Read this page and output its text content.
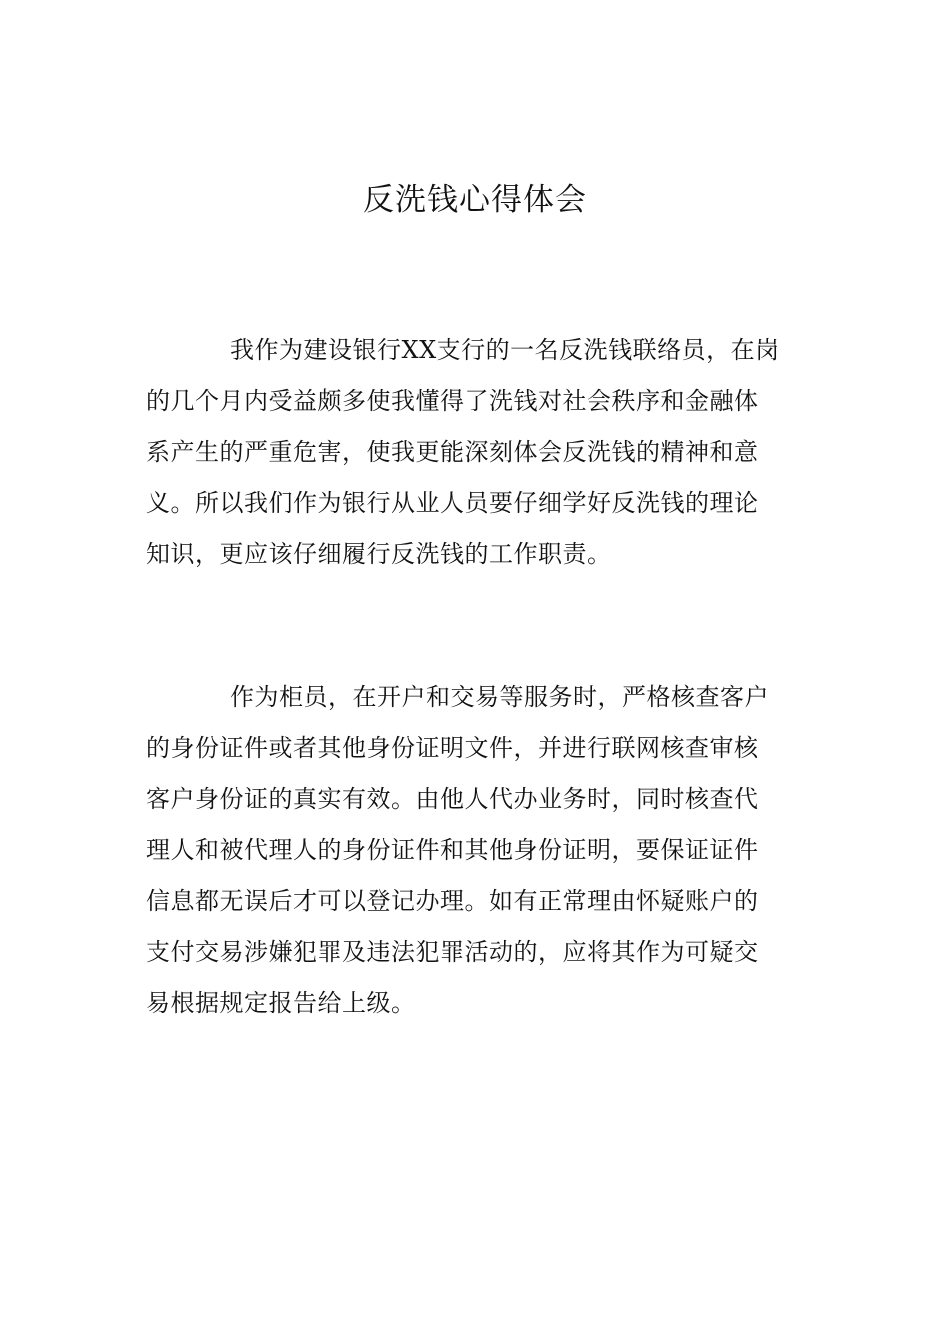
反洗钱心得体会
我作为建设银行XX支行的一名反洗钱联络员，在岗
的几个月内受益颇多使我懂得了洗钱对社会秩序和金融体
系产生的严重危害，使我更能深刻体会反洗钱的精神和意
义。所以我们作为银行从业人员要仔细学好反洗钱的理论
知识，更应该仔细履行反洗钱的工作职责。
作为柜员，在开户和交易等服务时，严格核查客户
的身份证件或者其他身份证明文件，并进行联网核查审核
客户身份证的真实有效。由他人代办业务时，同时核查代
理人和被代理人的身份证件和其他身份证明，要保证证件
信息都无误后才可以登记办理。如有正常理由怀疑账户的
支付交易涉嫌犯罪及违法犯罪活动的，应将其作为可疑交
易根据规定报告给上级。
